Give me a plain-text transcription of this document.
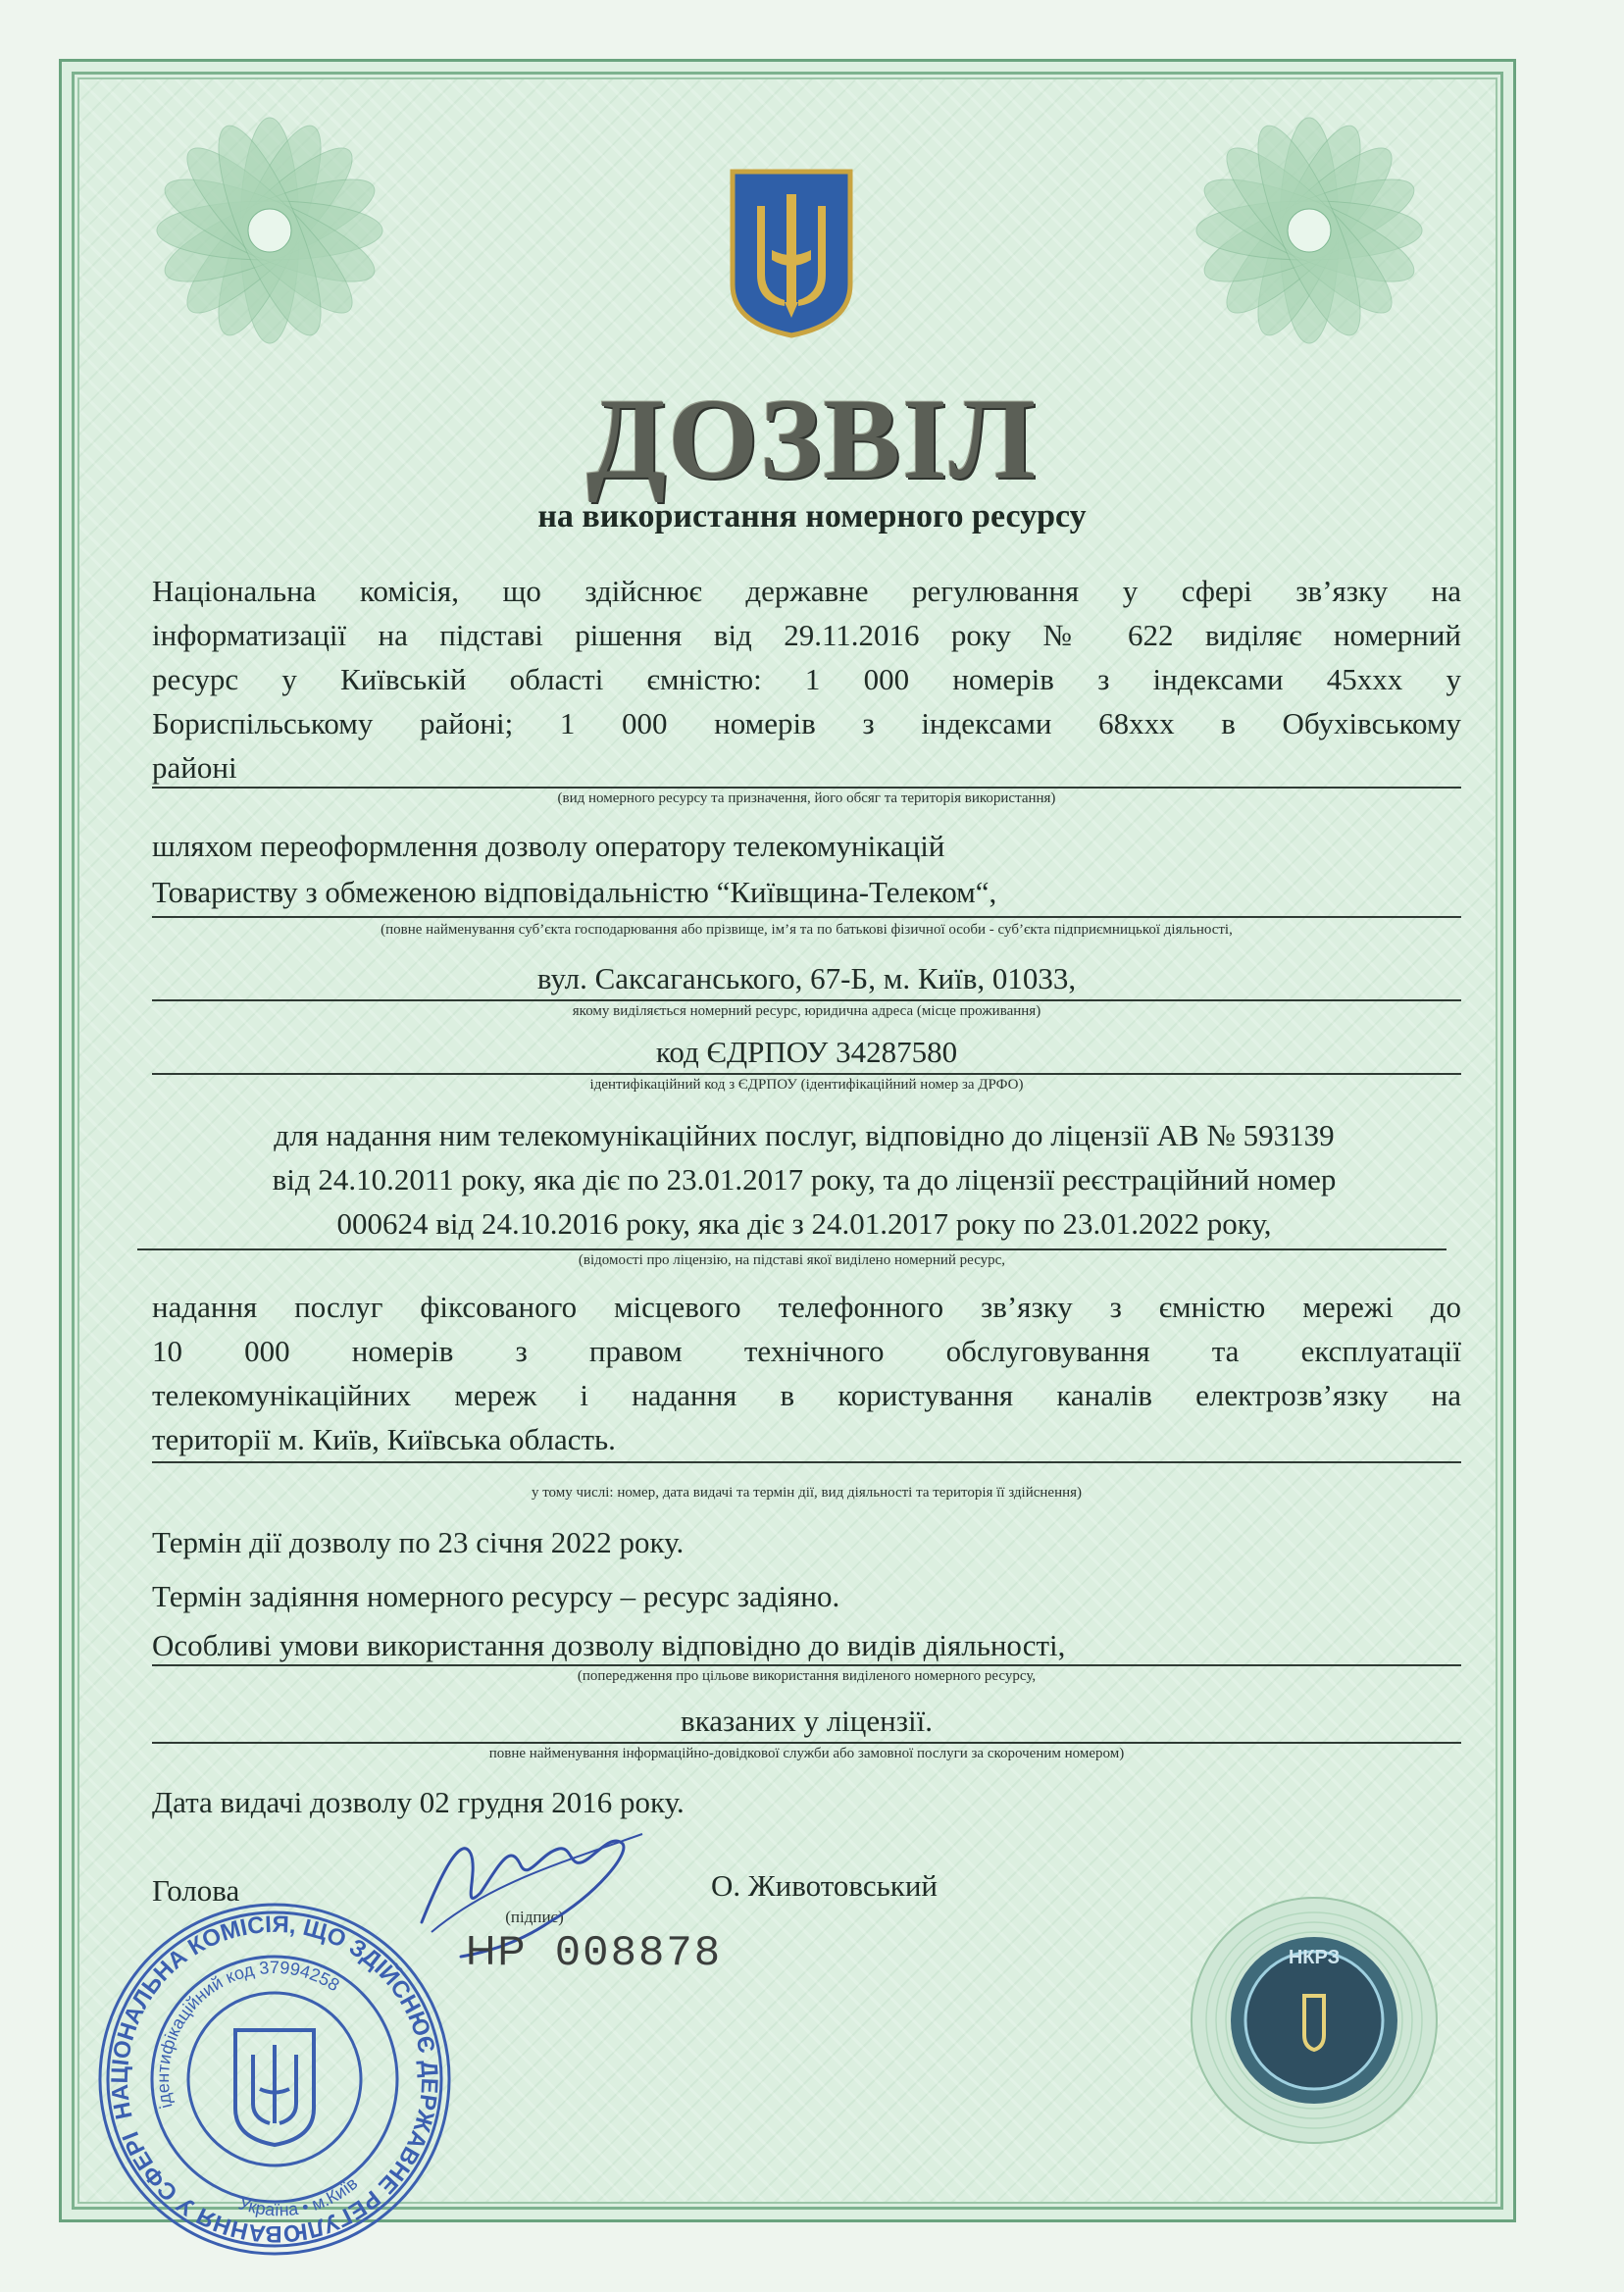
ДОЗВІЛ
на використання номерного ресурсу
Національна комісія, що здійснює державне регулювання у сфері зв’язку на
інформатизації на підставі рішення від 29.11.2016 року № 622 виділяє номерний
ресурс у Київській області ємністю: 1 000 номерів з індексами 45xxx у
Бориспільському районі; 1 000 номерів з індексами 68xxx в Обухівському
районі
(вид номерного ресурсу та призначення, його обсяг та територія використання)
шляхом переоформлення дозволу оператору телекомунікацій
Товариству з обмеженою відповідальністю “Київщина-Телеком“,
(повне найменування суб’єкта господарювання або прізвище, ім’я та по батькові фізичної особи - суб’єкта підприємницької діяльності,
вул. Саксаганського, 67-Б, м. Київ, 01033,
якому виділяється номерний ресурс, юридична адреса (місце проживання)
код ЄДРПОУ 34287580
ідентифікаційний код з ЄДРПОУ (ідентифікаційний номер за ДРФО)
для надання ним телекомунікаційних послуг, відповідно до ліцензії АВ № 593139
від 24.10.2011 року, яка діє по 23.01.2017 року, та до ліцензії реєстраційний номер
000624 від 24.10.2016 року, яка діє з 24.01.2017 року по 23.01.2022 року,
(відомості про ліцензію, на підставі якої виділено номерний ресурс,
надання послуг фіксованого місцевого телефонного зв’язку з ємністю мережі до
10 000 номерів з правом технічного обслуговування та експлуатації
телекомунікаційних мереж і надання в користування каналів електрозв’язку на
території м. Київ, Київська область.
у тому числі: номер, дата видачі та термін дії, вид діяльності та територія її здійснення)
Термін дії дозволу по 23 січня 2022 року.
Термін задіяння номерного ресурсу – ресурс задіяно.
Особливі умови використання дозволу відповідно до видів діяльності,
(попередження про цільове використання виділеного номерного ресурсу,
вказаних у ліцензії.
повне найменування інформаційно-довідкової служби або замовної послуги за скороченим номером)
Дата видачі дозволу 02 грудня 2016 року.
Голова	О. Животовський
(підпис)
НР 008878
НАЦІОНАЛЬНА КОМІСІЯ, ЩО ЗДІЙСНЮЄ ДЕРЖАВНЕ РЕГУЛЮВАННЯ У СФЕРІ
ідентифікаційний код 37994258
Україна • м.Київ
НКРЗ
